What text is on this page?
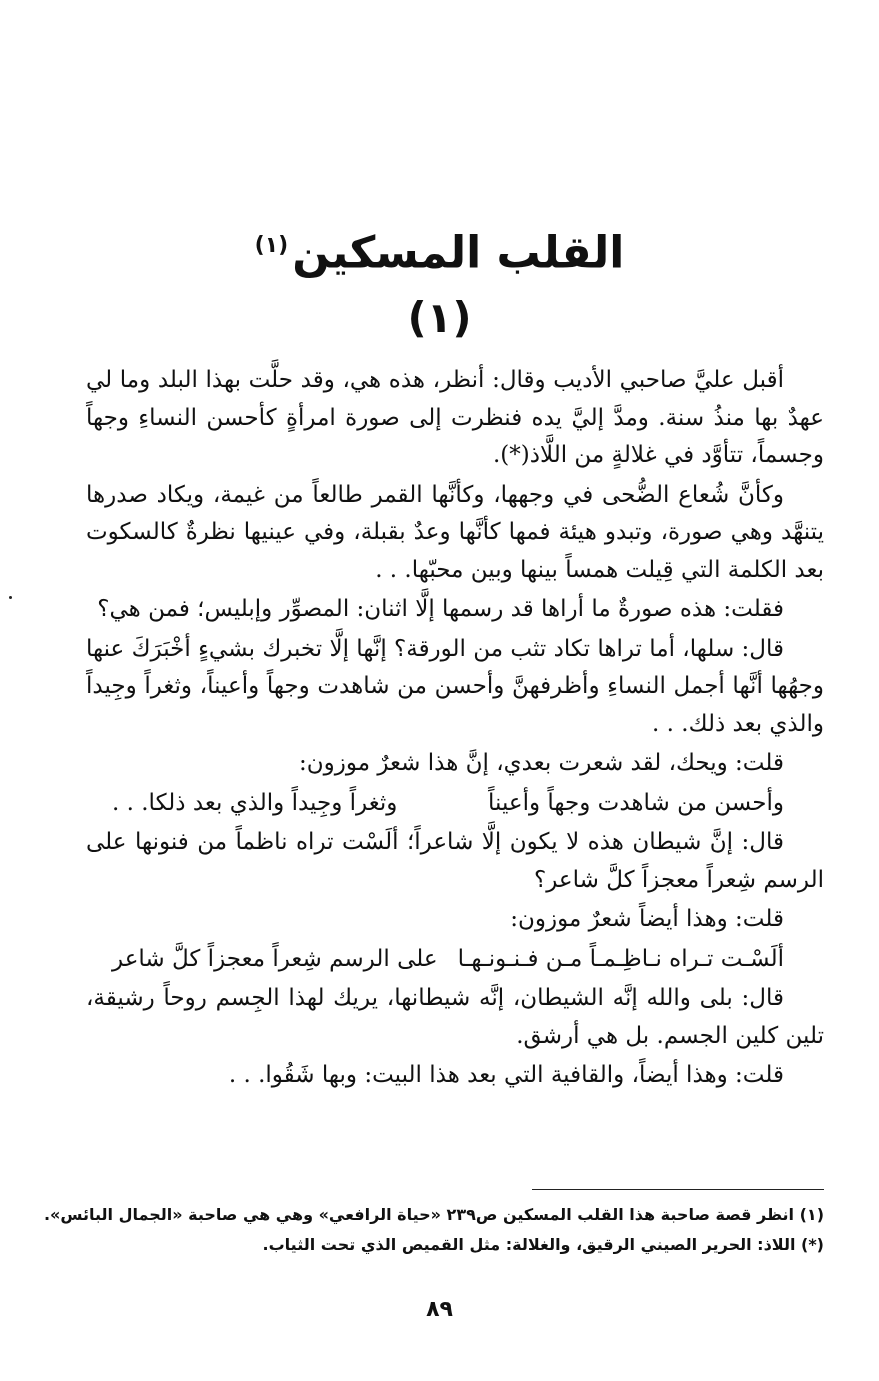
القلب المسكين$^{(١)}$
(١)

أقبل عليَّ صاحبي الأديب وقال: أنظر، هذه هي، وقد حلَّت بهذا البلد وما لي عهدٌ بها منذُ سنة. ومدَّ إليَّ يده فنظرت إلى صورة امرأةٍ كأحسن النساءِ وجهاً وجسماً، تتأوَّد في غلالةٍ من اللَّاذ(*).

وكأنَّ شُعاع الضُّحى في وجهها، وكأنَّها القمر طالعاً من غيمة، ويكاد صدرها يتنهَّد وهي صورة، وتبدو هيئة فمها كأنَّها وعدٌ بقبلة، وفي عينيها نظرةٌ كالسكوت بعد الكلمة التي قِيلت همساً بينها وبين محبّها. . .

فقلت: هذه صورةٌ ما أراها قد رسمها إلَّا اثنان: المصوِّر وإبليس؛ فمن هي؟

قال: سلها، أما تراها تكاد تثب من الورقة؟ إنَّها إلَّا تخبرك بشيءٍ أخْبَرَكَ عنها وجهُها أنَّها أجمل النساءِ وأظرفهنَّ وأحسن من شاهدت وجهاً وأعيناً، وثغراً وجِيداً والذي بعد ذلك. . .

قلت: ويحك، لقد شعرت بعدي، إنَّ هذا شعرٌ موزون:

وأحسن من شاهدت وجهاً وأعيناً
وثغراً وجِيداً والذي بعد ذلكا. . .

قال: إنَّ شيطان هذه لا يكون إلَّا شاعراً؛ ألَسْت تراه ناظماً من فنونها على الرسم شِعراً معجزاً كلَّ شاعر؟

قلت: وهذا أيضاً شعرٌ موزون:

ألَسْـت تـراه نـاظِـمـاً مـن فـنـونـهـا
على الرسم شِعراً معجزاً كلَّ شاعر

قال: بلى والله إنَّه الشيطان، إنَّه شيطانها، يريك لهذا الجِسم روحاً رشيقة، تلين كلين الجسم. بل هي أرشق.

قلت: وهذا أيضاً، والقافية التي بعد هذا البيت: وبها شَقُوا. . .

(١) انظر قصة صاحبة هذا القلب المسكين ص٢٣٩ «حياة الرافعي» وهي هي صاحبة «الجمال البائس».
(*) اللاذ: الحرير الصيني الرقيق، والغلالة: مثل القميص الذي تحت الثياب.
٨٩
